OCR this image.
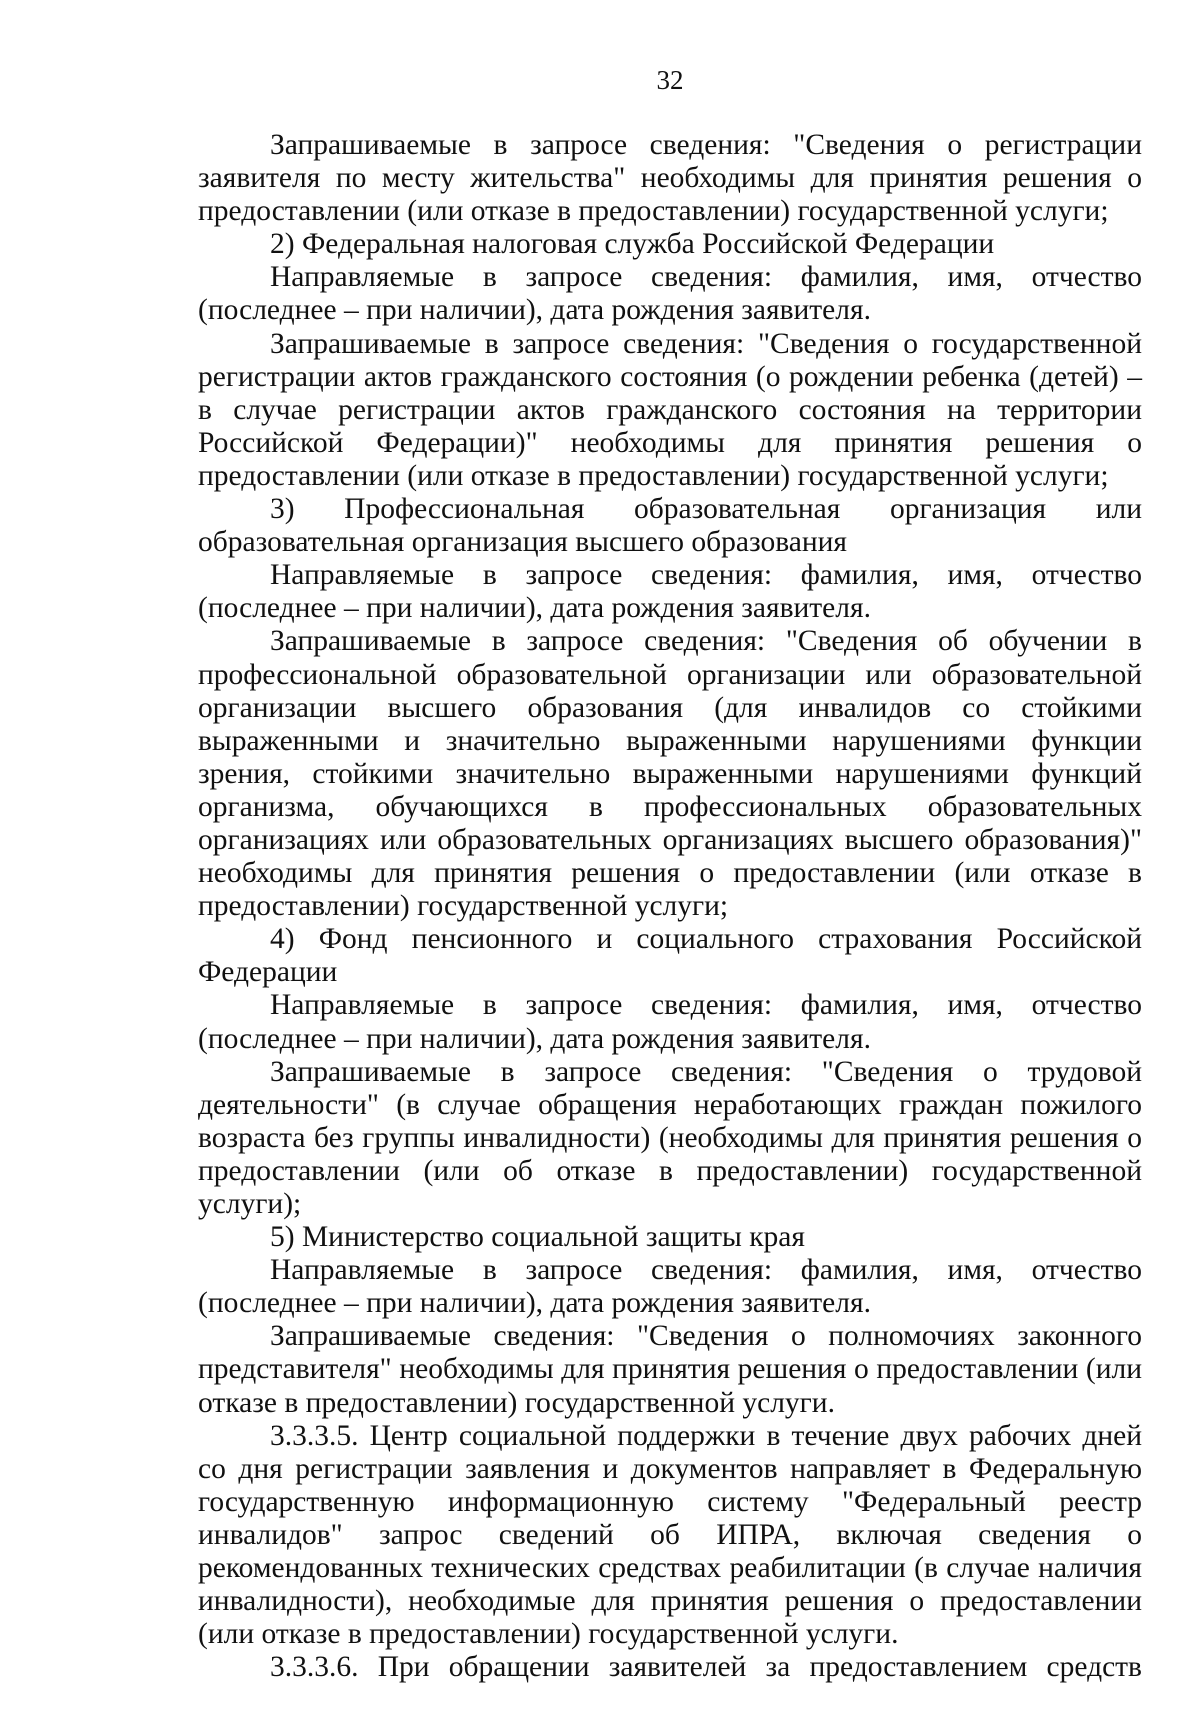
32

Запрашиваемые в запросе сведения: "Сведения о регистрации заявителя по месту жительства" необходимы для принятия решения о предоставлении (или отказе в предоставлении) государственной услуги;

2) Федеральная налоговая служба Российской Федерации

Направляемые в запросе сведения: фамилия, имя, отчество (последнее – при наличии), дата рождения заявителя.

Запрашиваемые в запросе сведения: "Сведения о государственной регистрации актов гражданского состояния (о рождении ребенка (детей) – в случае регистрации актов гражданского состояния на территории Российской Федерации)" необходимы для принятия решения о предоставлении (или отказе в предоставлении) государственной услуги;

3) Профессиональная образовательная организация или образовательная организация высшего образования

Направляемые в запросе сведения: фамилия, имя, отчество (последнее – при наличии), дата рождения заявителя.

Запрашиваемые в запросе сведения: "Сведения об обучении в профессиональной образовательной организации или образовательной организации высшего образования (для инвалидов со стойкими выраженными и значительно выраженными нарушениями функции зрения, стойкими значительно выраженными нарушениями функций организма, обучающихся в профессиональных образовательных организациях или образовательных организациях высшего образования)" необходимы для принятия решения о предоставлении (или отказе в предоставлении) государственной услуги;

4) Фонд пенсионного и социального страхования Российской Федерации

Направляемые в запросе сведения: фамилия, имя, отчество (последнее – при наличии), дата рождения заявителя.

Запрашиваемые в запросе сведения: "Сведения о трудовой деятельности" (в случае обращения неработающих граждан пожилого возраста без группы инвалидности) (необходимы для принятия решения о предоставлении (или об отказе в предоставлении) государственной услуги);

5) Министерство социальной защиты края

Направляемые в запросе сведения: фамилия, имя, отчество (последнее – при наличии), дата рождения заявителя.

Запрашиваемые сведения: "Сведения о полномочиях законного представителя" необходимы для принятия решения о предоставлении (или отказе в предоставлении) государственной услуги.

3.3.3.5. Центр социальной поддержки в течение двух рабочих дней со дня регистрации заявления и документов направляет в Федеральную государственную информационную систему "Федеральный реестр инвалидов" запрос сведений об ИПРА, включая сведения о рекомендованных технических средствах реабилитации (в случае наличия инвалидности), необходимые для принятия решения о предоставлении (или отказе в предоставлении) государственной услуги.

3.3.3.6. При обращении заявителей за предоставлением средств
